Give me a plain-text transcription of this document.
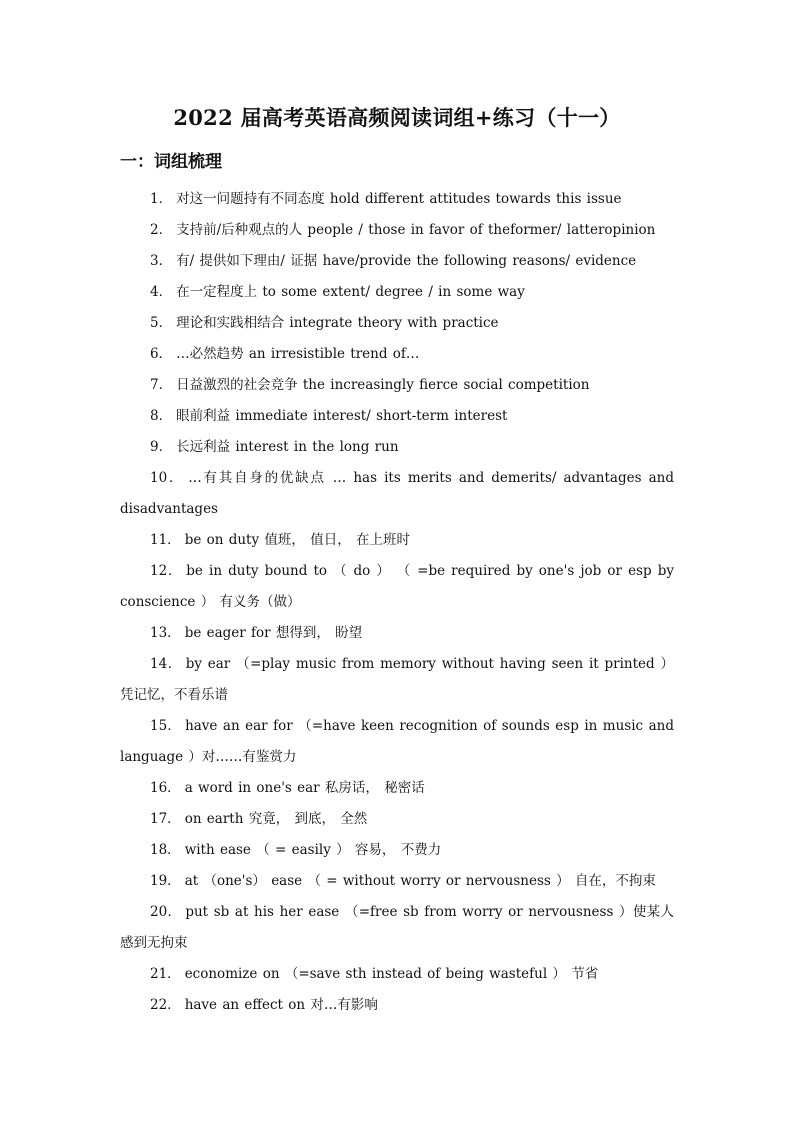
2022 届高考英语高频阅读词组+练习（十一）
一：词组梳理
1． 对这一问题持有不同态度 hold different attitudes towards this issue
2． 支持前/后种观点的人 people / those in favor of theformer/ latteropinion
3． 有/ 提供如下理由/ 证据 have/provide the following reasons/ evidence
4． 在一定程度上 to some extent/ degree / in some way
5． 理论和实践相结合 integrate theory with practice
6． …必然趋势 an irresistible trend of…
7． 日益激烈的社会竞争 the increasingly fierce social competition
8． 眼前利益 immediate interest/ short-term interest
9． 长远利益 interest in the long run
10． …有其自身的优缺点 … has its merits and demerits/ advantages and disadvantages
11． be on duty 值班， 值日， 在上班时
12． be in duty bound to （ do ） （ =be required by one's job or esp by conscience ） 有义务（做）
13． be eager for 想得到， 盼望
14． by ear （=play music from memory without having seen it printed ） 凭记忆，不看乐谱
15． have an ear for （=have keen recognition of sounds esp in music and language ）对……有鉴赏力
16． a word in one's ear 私房话， 秘密话
17． on earth 究竟， 到底， 全然
18． with ease （ = easily ） 容易， 不费力
19． at （one's） ease （ = without worry or nervousness ） 自在，不拘束
20． put sb at his her ease （=free sb from worry or nervousness ）使某人感到无拘束
21． economize on （=save sth instead of being wasteful ） 节省
22． have an effect on 对…有影响
